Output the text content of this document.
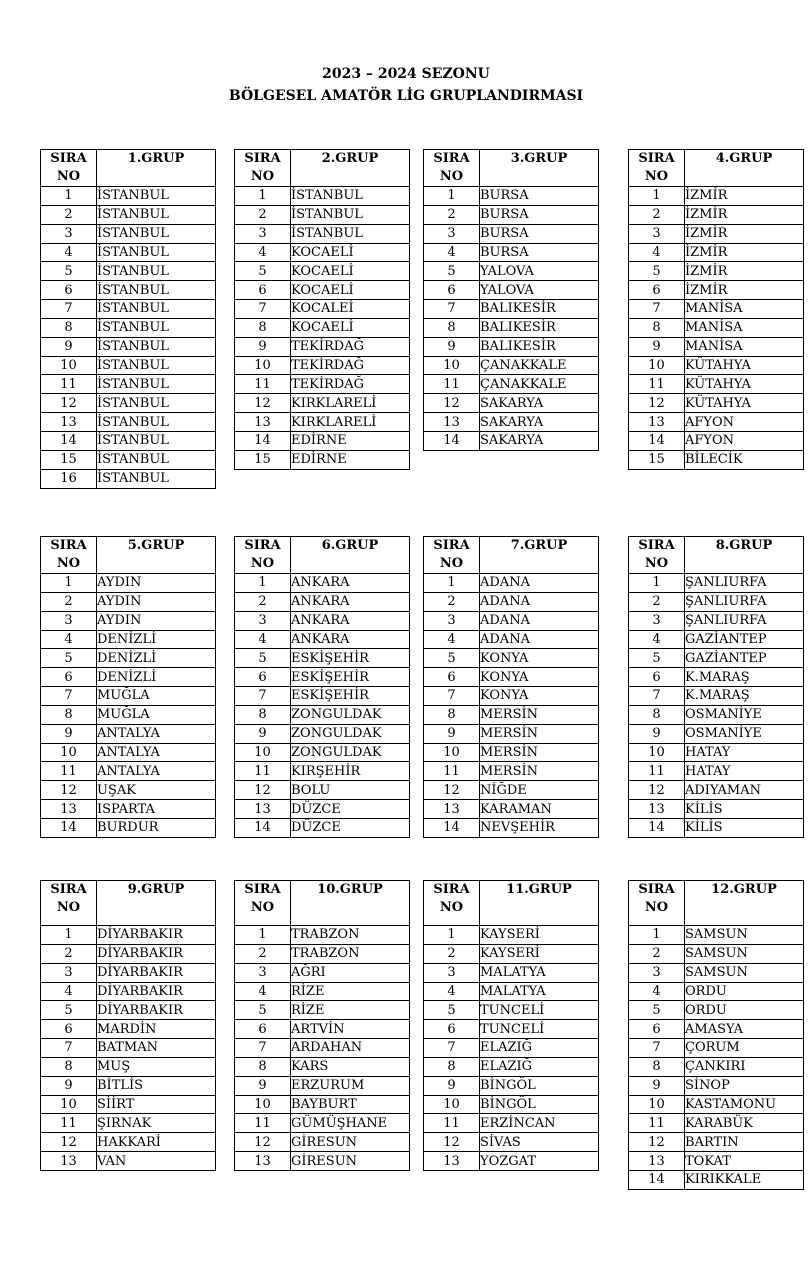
2023 – 2024 SEZONU
BÖLGESEL AMATÖR LİG GRUPLANDIRMASI
SIRA
NO	1.GRUP
1	İSTANBUL
2	İSTANBUL
3	İSTANBUL
4	İSTANBUL
5	İSTANBUL
6	İSTANBUL
7	İSTANBUL
8	İSTANBUL
9	İSTANBUL
10	İSTANBUL
11	İSTANBUL
12	İSTANBUL
13	İSTANBUL
14	İSTANBUL
15	İSTANBUL
16	İSTANBUL
SIRA
NO	2.GRUP
1	İSTANBUL
2	İSTANBUL
3	İSTANBUL
4	KOCAELİ
5	KOCAELİ
6	KOCAELİ
7	KOCALEİ
8	KOCAELİ
9	TEKİRDAĞ
10	TEKİRDAĞ
11	TEKİRDAĞ
12	KIRKLARELİ
13	KIRKLARELİ
14	EDİRNE
15	EDİRNE
SIRA
NO	3.GRUP
1	BURSA
2	BURSA
3	BURSA
4	BURSA
5	YALOVA
6	YALOVA
7	BALIKESİR
8	BALIKESİR
9	BALIKESİR
10	ÇANAKKALE
11	ÇANAKKALE
12	SAKARYA
13	SAKARYA
14	SAKARYA
SIRA
NO	4.GRUP
1	İZMİR
2	İZMİR
3	İZMİR
4	İZMİR
5	İZMİR
6	İZMİR
7	MANİSA
8	MANİSA
9	MANİSA
10	KÜTAHYA
11	KÜTAHYA
12	KÜTAHYA
13	AFYON
14	AFYON
15	BİLECİK
SIRA
NO	5.GRUP
1	AYDIN
2	AYDIN
3	AYDIN
4	DENİZLİ
5	DENİZLİ
6	DENİZLİ
7	MUĞLA
8	MUĞLA
9	ANTALYA
10	ANTALYA
11	ANTALYA
12	UŞAK
13	ISPARTA
14	BURDUR
SIRA
NO	6.GRUP
1	ANKARA
2	ANKARA
3	ANKARA
4	ANKARA
5	ESKİŞEHİR
6	ESKİŞEHİR
7	ESKİŞEHİR
8	ZONGULDAK
9	ZONGULDAK
10	ZONGULDAK
11	KIRŞEHİR
12	BOLU
13	DÜZCE
14	DÜZCE
SIRA
NO	7.GRUP
1	ADANA
2	ADANA
3	ADANA
4	ADANA
5	KONYA
6	KONYA
7	KONYA
8	MERSİN
9	MERSİN
10	MERSİN
11	MERSİN
12	NİĞDE
13	KARAMAN
14	NEVŞEHİR
SIRA
NO	8.GRUP
1	ŞANLIURFA
2	ŞANLIURFA
3	ŞANLIURFA
4	GAZİANTEP
5	GAZİANTEP
6	K.MARAŞ
7	K.MARAŞ
8	OSMANİYE
9	OSMANİYE
10	HATAY
11	HATAY
12	ADIYAMAN
13	KİLİS
14	KİLİS
SIRA
NO	9.GRUP
1	DİYARBAKIR
2	DİYARBAKIR
3	DİYARBAKIR
4	DİYARBAKIR
5	DİYARBAKIR
6	MARDİN
7	BATMAN
8	MUŞ
9	BİTLİS
10	SİİRT
11	ŞIRNAK
12	HAKKARİ
13	VAN
SIRA
NO	10.GRUP
1	TRABZON
2	TRABZON
3	AĞRI
4	RİZE
5	RİZE
6	ARTVİN
7	ARDAHAN
8	KARS
9	ERZURUM
10	BAYBURT
11	GÜMÜŞHANE
12	GİRESUN
13	GİRESUN
SIRA
NO	11.GRUP
1	KAYSERİ
2	KAYSERİ
3	MALATYA
4	MALATYA
5	TUNCELİ
6	TUNCELİ
7	ELAZIĞ
8	ELAZIĞ
9	BİNGÖL
10	BİNGÖL
11	ERZİNCAN
12	SİVAS
13	YOZGAT
SIRA
NO	12.GRUP
1	SAMSUN
2	SAMSUN
3	SAMSUN
4	ORDU
5	ORDU
6	AMASYA
7	ÇORUM
8	ÇANKIRI
9	SİNOP
10	KASTAMONU
11	KARABÜK
12	BARTIN
13	TOKAT
14	KIRIKKALE
